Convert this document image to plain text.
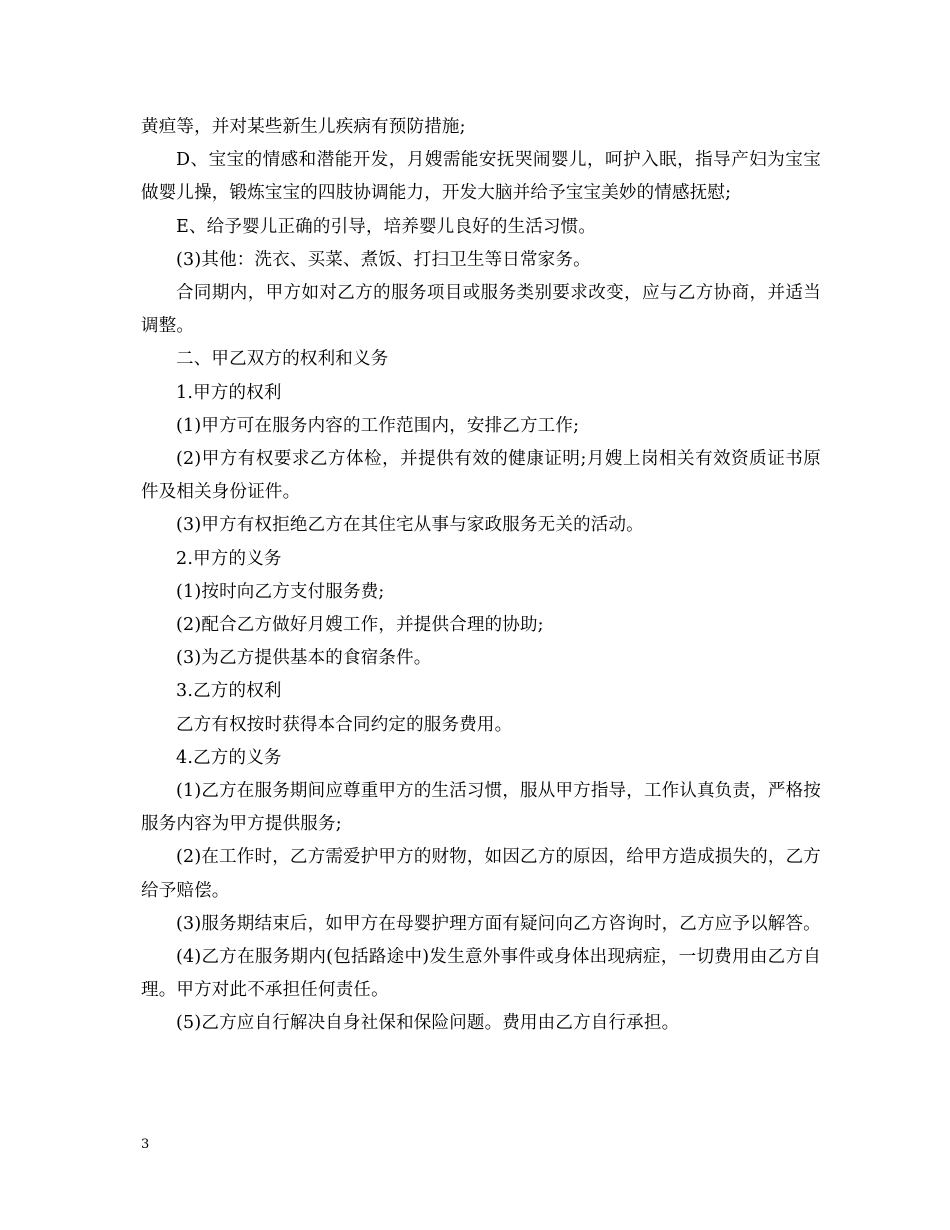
黄疸等，并对某些新生儿疾病有预防措施;

D、宝宝的情感和潜能开发，月嫂需能安抚哭闹婴儿，呵护入眠，指导产妇为宝宝做婴儿操，锻炼宝宝的四肢协调能力，开发大脑并给予宝宝美妙的情感抚慰;

E、给予婴儿正确的引导，培养婴儿良好的生活习惯。

(3)其他：洗衣、买菜、煮饭、打扫卫生等日常家务。

合同期内，甲方如对乙方的服务项目或服务类别要求改变，应与乙方协商，并适当调整。

二、甲乙双方的权利和义务

1.甲方的权利

(1)甲方可在服务内容的工作范围内，安排乙方工作;

(2)甲方有权要求乙方体检，并提供有效的健康证明;月嫂上岗相关有效资质证书原件及相关身份证件。

(3)甲方有权拒绝乙方在其住宅从事与家政服务无关的活动。

2.甲方的义务

(1)按时向乙方支付服务费;

(2)配合乙方做好月嫂工作，并提供合理的协助;

(3)为乙方提供基本的食宿条件。

3.乙方的权利

乙方有权按时获得本合同约定的服务费用。

4.乙方的义务

(1)乙方在服务期间应尊重甲方的生活习惯，服从甲方指导，工作认真负责，严格按服务内容为甲方提供服务;

(2)在工作时，乙方需爱护甲方的财物，如因乙方的原因，给甲方造成损失的，乙方给予赔偿。

(3)服务期结束后，如甲方在母婴护理方面有疑问向乙方咨询时，乙方应予以解答。

(4)乙方在服务期内(包括路途中)发生意外事件或身体出现病症，一切费用由乙方自理。甲方对此不承担任何责任。

(5)乙方应自行解决自身社保和保险问题。费用由乙方自行承担。

3
